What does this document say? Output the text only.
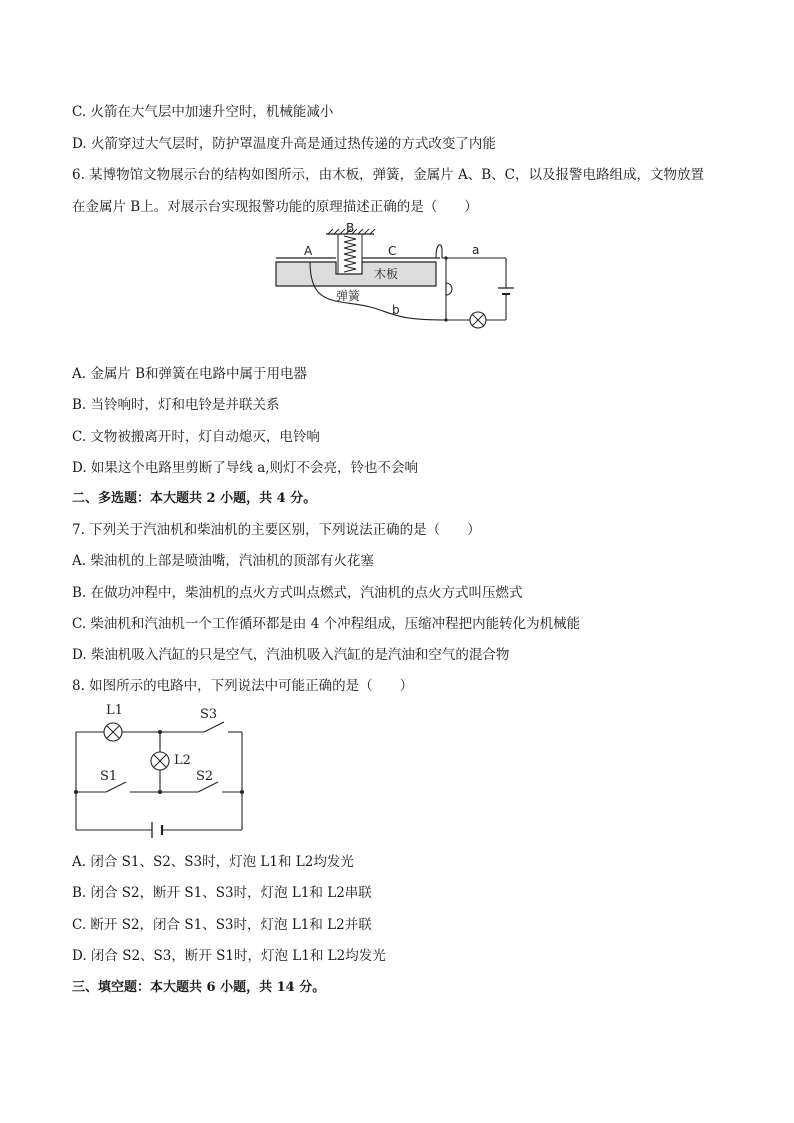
C. 火箭在大气层中加速升空时，机械能减小
D. 火箭穿过大气层时，防护罩温度升高是通过热传递的方式改变了内能
6. 某博物馆文物展示台的结构如图所示，由木板，弹簧，金属片 A、B、C，以及报警电路组成，文物放置
在金属片 B上。对展示台实现报警功能的原理描述正确的是（　　）
A
B
C
木板
弹簧
a
b
A. 金属片 B和弹簧在电路中属于用电器
B. 当铃响时，灯和电铃是并联关系
C. 文物被搬离开时，灯自动熄灭，电铃响
D. 如果这个电路里剪断了导线 a,则灯不会亮，铃也不会响
二、多选题：本大题共 2 小题，共 4 分。
7. 下列关于汽油机和柴油机的主要区别，下列说法正确的是（　　）
A. 柴油机的上部是喷油嘴，汽油机的顶部有火花塞
B. 在做功冲程中，柴油机的点火方式叫点燃式，汽油机的点火方式叫压燃式
C. 柴油机和汽油机一个工作循环都是由 4 个冲程组成，压缩冲程把内能转化为机械能
D. 柴油机吸入汽缸的只是空气，汽油机吸入汽缸的是汽油和空气的混合物
8. 如图所示的电路中，下列说法中可能正确的是（　　）
L1	S3
L2
S1	S2
A. 闭合 S1、S2、S3时，灯泡 L1和 L2均发光
B. 闭合 S2，断开 S1、S3时，灯泡 L1和 L2串联
C. 断开 S2，闭合 S1、S3时，灯泡 L1和 L2并联
D. 闭合 S2、S3，断开 S1时，灯泡 L1和 L2均发光
三、填空题：本大题共 6 小题，共 14 分。
